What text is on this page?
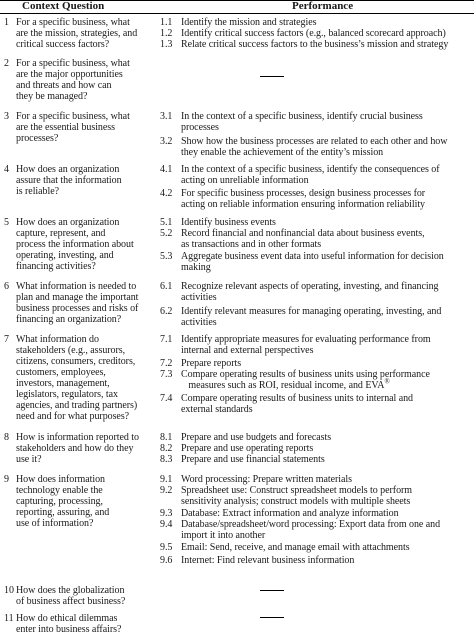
Context Question	Performance
1 For a specific business, what
are the mission, strategies, and
critical success factors?
1.1 Identify the mission and strategies
1.2 Identify critical success factors (e.g., balanced scorecard approach)
1.3 Relate critical success factors to the business’s mission and strategy
2 For a specific business, what
are the major opportunities
and threats and how can
they be managed?
3 For a specific business, what
are the essential business
processes?
3.1 In the context of a specific business, identify crucial business
processes
3.2 Show how the business processes are related to each other and how
they enable the achievement of the entity’s mission
4 How does an organization
assure that the information
is reliable?
4.1 In the context of a specific business, identify the consequences of
acting on unreliable information
4.2 For specific business processes, design business processes for
acting on reliable information ensuring information reliability
5 How does an organization
capture, represent, and
process the information about
operating, investing, and
financing activities?
5.1 Identify business events
5.2 Record financial and nonfinancial data about business events,
as transactions and in other formats
5.3 Aggregate business event data into useful information for decision
making
6 What information is needed to
plan and manage the important
business processes and risks of
financing an organization?
6.1 Recognize relevant aspects of operating, investing, and financing
activities
6.2 Identify relevant measures for managing operating, investing, and
activities
7 What information do
stakeholders (e.g., assurors,
citizens, consumers, creditors,
customers, employees,
investors, management,
legislators, regulators, tax
agencies, and trading partners)
need and for what purposes?
7.1 Identify appropriate measures for evaluating performance from
internal and external perspectives
7.2 Prepare reports
7.3 Compare operating results of business units using performance
measures such as ROI, residual income, and EVA®
7.4 Compare operating results of business units to internal and
external standards
8 How is information reported to
stakeholders and how do they
use it?
8.1 Prepare and use budgets and forecasts
8.2 Prepare and use operating reports
8.3 Prepare and use financial statements
9 How does information
technology enable the
capturing, processing,
reporting, assuring, and
use of information?
9.1 Word processing: Prepare written materials
9.2 Spreadsheet use: Construct spreadsheet models to perform
sensitivity analysis; construct models with multiple sheets
9.3 Database: Extract information and analyze information
9.4 Database/spreadsheet/word processing: Export data from one and
import it into another
9.5 Email: Send, receive, and manage email with attachments
9.6 Internet: Find relevant business information
10 How does the globalization
of business affect business?
11 How do ethical dilemmas
enter into business affairs?
